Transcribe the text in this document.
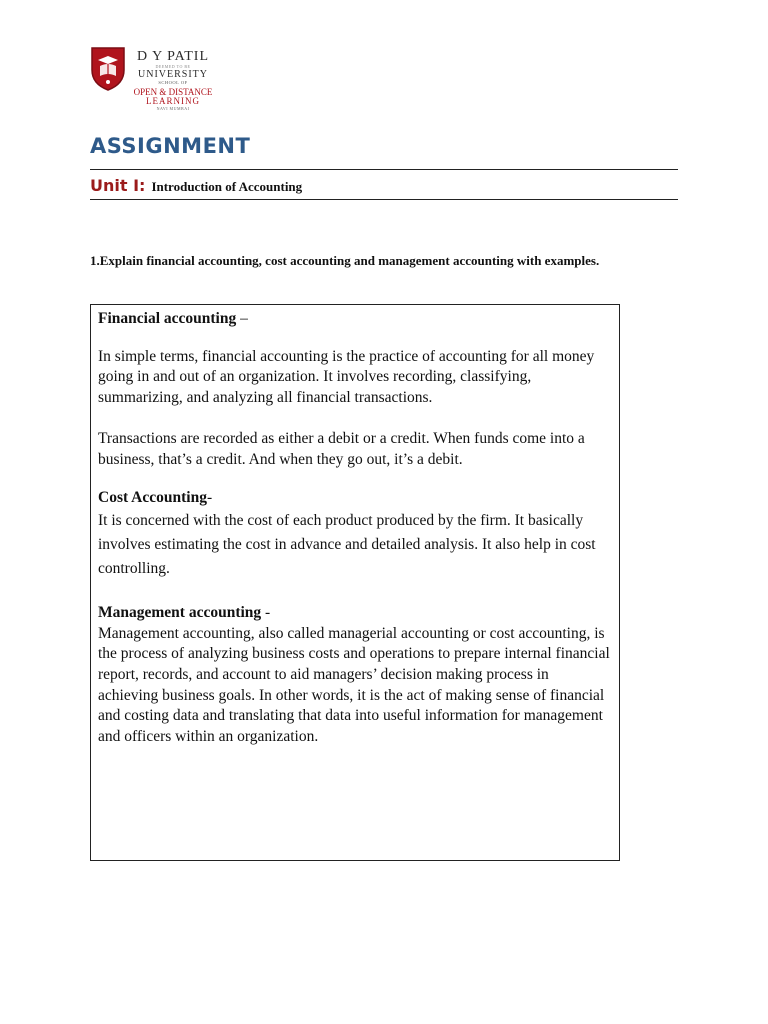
D Y PATIL
DEEMED TO BE
UNIVERSITY
SCHOOL OF
OPEN & DISTANCE
LEARNING
NAVI MUMBAI
ASSIGNMENT
Unit I: Introduction of Accounting
1.Explain financial accounting, cost accounting and management accounting with examples.

Financial accounting –

In simple terms, financial accounting is the practice of accounting for all money going in and out of an organization. It involves recording, classifying, summarizing, and analyzing all financial transactions.

Transactions are recorded as either a debit or a credit. When funds come into a business, that’s a credit. And when they go out, it’s a debit.

Cost Accounting-

It is concerned with the cost of each product produced by the firm. It basically involves estimating the cost in advance and detailed analysis. It also help in cost controlling.

Management accounting -

Management accounting, also called managerial accounting or cost accounting, is the process of analyzing business costs and operations to prepare internal financial report, records, and account to aid managers’ decision making process in achieving business goals. In other words, it is the act of making sense of financial and costing data and translating that data into useful information for management and officers within an organization.
